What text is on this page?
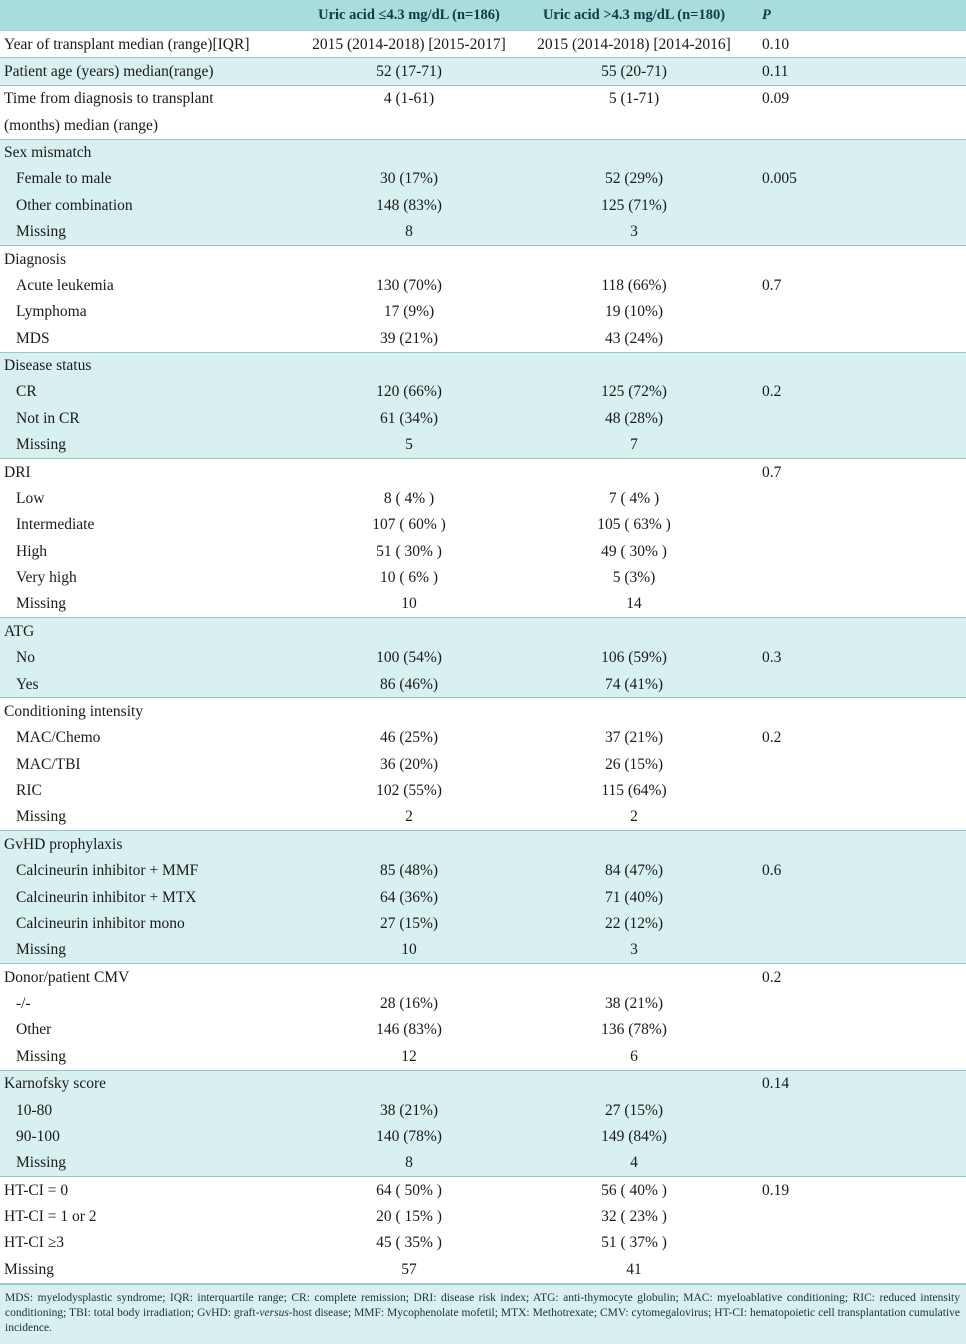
	Uric acid ≤4.3 mg/dL (n=186)	Uric acid >4.3 mg/dL (n=180)	P
Year of transplant median (range)[IQR]	2015 (2014-2018) [2015-2017]	2015 (2014-2018) [2014-2016]	0.10
Patient age (years) median(range)	52 (17-71)	55 (20-71)	0.11
Time from diagnosis to transplant	4 (1-61)	5 (1-71)	0.09
(months) median (range)			
Sex mismatch			
Female to male	30 (17%)	52 (29%)	0.005
Other combination	148 (83%)	125 (71%)	
Missing	8	3	
Diagnosis			
Acute leukemia	130 (70%)	118 (66%)	0.7
Lymphoma	17 (9%)	19 (10%)	
MDS	39 (21%)	43 (24%)	
Disease status			
CR	120 (66%)	125 (72%)	0.2
Not in CR	61 (34%)	48 (28%)	
Missing	5	7	
DRI			0.7
Low	8 ( 4% )	7 ( 4% )	
Intermediate	107 ( 60% )	105 ( 63% )	
High	51 ( 30% )	49 ( 30% )	
Very high	10 ( 6% )	5 (3%)	
Missing	10	14	
ATG			
No	100 (54%)	106 (59%)	0.3
Yes	86 (46%)	74 (41%)	
Conditioning intensity			
MAC/Chemo	46 (25%)	37 (21%)	0.2
MAC/TBI	36 (20%)	26 (15%)	
RIC	102 (55%)	115 (64%)	
Missing	2	2	
GvHD prophylaxis			
Calcineurin inhibitor + MMF	85 (48%)	84 (47%)	0.6
Calcineurin inhibitor + MTX	64 (36%)	71 (40%)	
Calcineurin inhibitor mono	27 (15%)	22 (12%)	
Missing	10	3	
Donor/patient CMV			0.2
-/-	28 (16%)	38 (21%)	
Other	146 (83%)	136 (78%)	
Missing	12	6	
Karnofsky score			0.14
10-80	38 (21%)	27 (15%)	
90-100	140 (78%)	149 (84%)	
Missing	8	4	
HT-CI = 0	64 ( 50% )	56 ( 40% )	0.19
HT-CI = 1 or 2	20 ( 15% )	32 ( 23% )	
HT-CI ≥3	45 ( 35% )	51 ( 37% )	
Missing	57	41	
MDS: myelodysplastic syndrome; IQR: interquartile range; CR: complete remission; DRI: disease risk index; ATG: anti-thymocyte globulin; MAC: myeloablative conditioning; RIC: reduced intensity conditioning; TBI: total body irradiation; GvHD: graft-versus-host disease; MMF: Mycophenolate mofetil; MTX: Methotrexate; CMV: cytomegalovirus; HT-CI: hematopoietic cell transplantation cumulative incidence.
